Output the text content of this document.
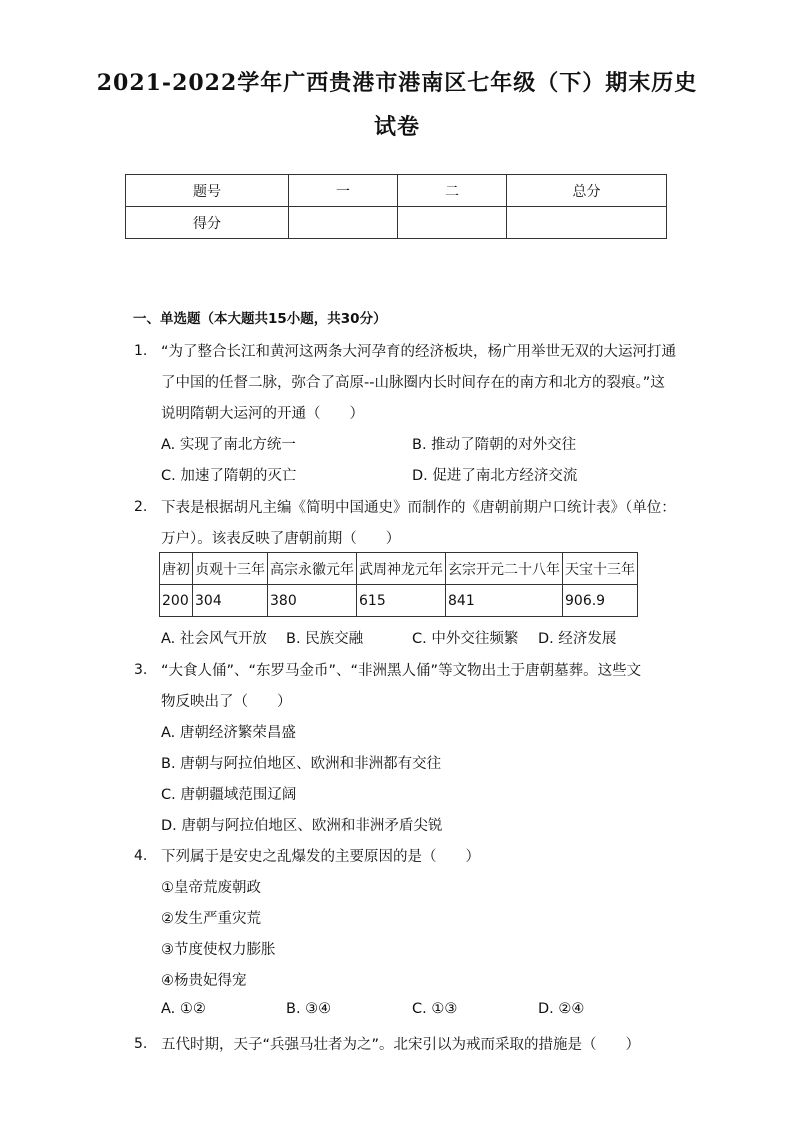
2021-2022学年广西贵港市港南区七年级（下）期末历史
试卷
题号	一	二	总分
得分			
一、单选题（本大题共15小题，共30分）
1. “为了整合长江和黄河这两条大河孕育的经济板块，杨广用举世无双的大运河打通
了中国的任督二脉，弥合了高原--山脉圈内长时间存在的南方和北方的裂痕。”这
说明隋朝大运河的开通（　　）
A. 实现了南北方统一	B. 推动了隋朝的对外交往
C. 加速了隋朝的灭亡	D. 促进了南北方经济交流
2. 下表是根据胡凡主编《简明中国通史》而制作的《唐朝前期户口统计表》（单位：
万户）。该表反映了唐朝前期（　　）
唐初	贞观十三年	高宗永徽元年	武周神龙元年	玄宗开元二十八年	天宝十三年
200	304	380	615	841	906.9
A. 社会风气开放 B. 民族交融	C. 中外交往频繁 D. 经济发展
3. “大食人俑”、“东罗马金币”、“非洲黑人俑”等文物出土于唐朝墓葬。这些文
物反映出了（　　）
A. 唐朝经济繁荣昌盛
B. 唐朝与阿拉伯地区、欧洲和非洲都有交往
C. 唐朝疆域范围辽阔
D. 唐朝与阿拉伯地区、欧洲和非洲矛盾尖锐
4. 下列属于是安史之乱爆发的主要原因的是（　　）
①皇帝荒废朝政
②发生严重灾荒
③节度使权力膨胀
④杨贵妃得宠
A. ①②	B. ③④	C. ①③	D. ②④
5. 五代时期，天子“兵强马壮者为之”。北宋引以为戒而采取的措施是（　　）
